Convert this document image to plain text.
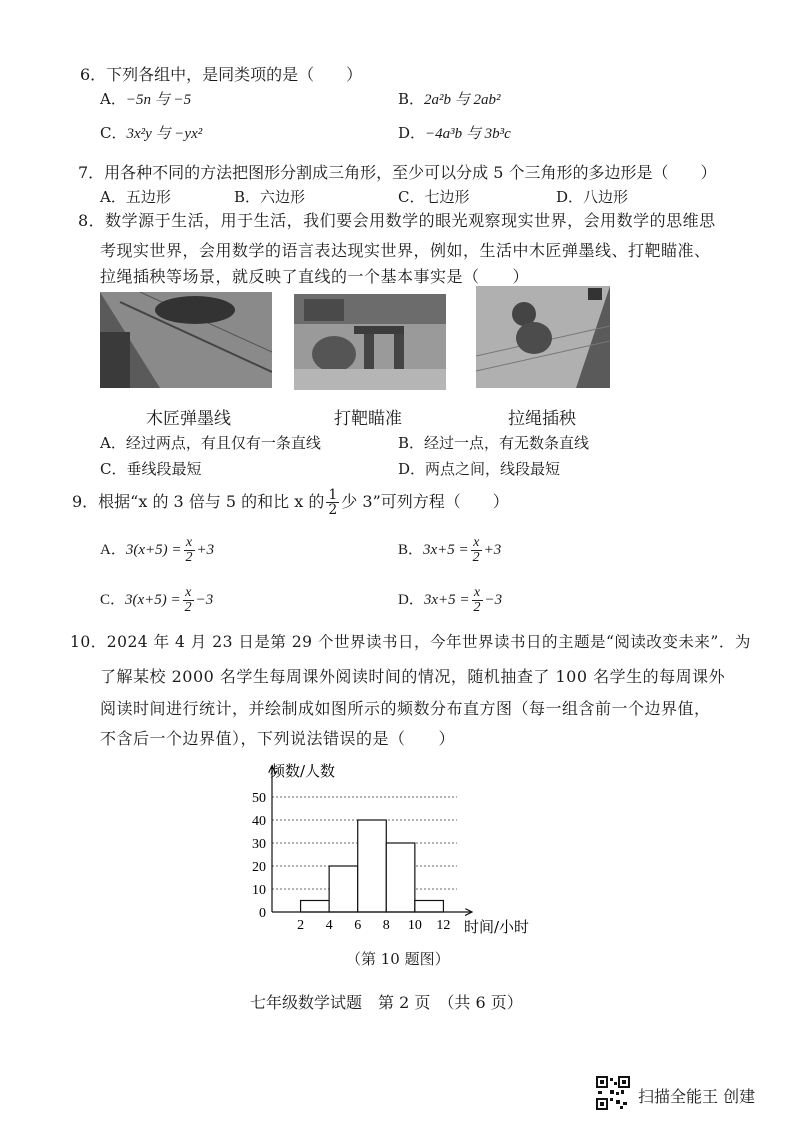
6．下列各组中，是同类项的是（　　）
A．−5n 与 −5	B．2a²b 与 2ab²
C．3x²y 与 −yx²	D．−4a³b 与 3b³c
7．用各种不同的方法把图形分割成三角形，至少可以分成 5 个三角形的多边形是（　　）
A．五边形	B．六边形	C．七边形	D．八边形
8．数学源于生活，用于生活，我们要会用数学的眼光观察现实世界，会用数学的思维思
考现实世界，会用数学的语言表达现实世界，例如，生活中木匠弹墨线、打靶瞄准、
拉绳插秧等场景，就反映了直线的一个基本事实是（　　）
木匠弹墨线	打靶瞄准	拉绳插秧
A．经过两点，有且仅有一条直线	B．经过一点，有无数条直线
C．垂线段最短	D．两点之间，线段最短
9．根据“x 的 3 倍与 5 的和比 x 的 $\frac{1}{2}$ 少 3”可列方程（　　）
A．$3(x+5) = \frac{x}{2} +3$	B．$3x+5 = \frac{x}{2} +3$
C．$3(x+5) = \frac{x}{2} -3$	D．$3x+5 = \frac{x}{2} -3$
10．2024 年 4 月 23 日是第 29 个世界读书日，今年世界读书日的主题是“阅读改变未来”．为
了解某校 2000 名学生每周课外阅读时间的情况，随机抽查了 100 名学生的每周课外
阅读时间进行统计，并绘制成如图所示的频数分布直方图（每一组含前一个边界值，
不含后一个边界值），下列说法错误的是（　　）
0
10
20
30
40
50
2 4 6 8 10 12
频数/人数
时间/小时
（第 10 题图）
七年级数学试题　第 2 页　（共 6 页）
扫描全能王 创建
